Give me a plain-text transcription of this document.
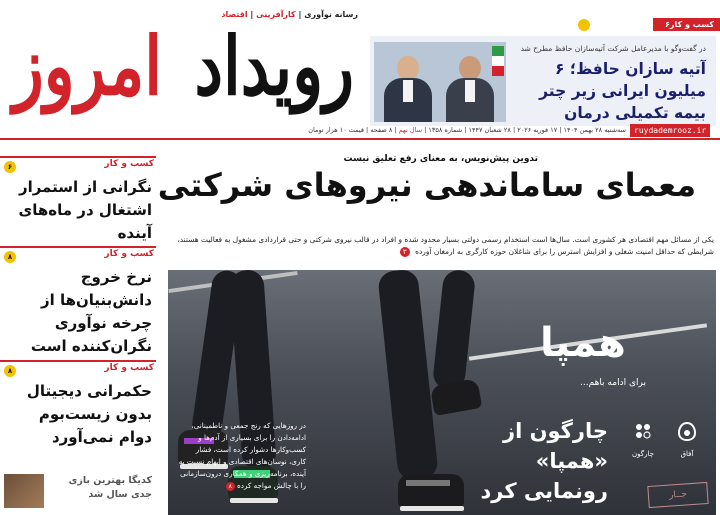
رسانه نوآوری | کارآفرینی | اقتصاد
رویداد
امروز	کسب و کار۶
در گفت‌وگو با مدیرعامل شرکت آتیه‌سازان حافظ مطرح شد
آتیه سازان حافظ؛ ۶ میلیون ایرانی زیر چتر بیمه تکمیلی درمان
ruydademrooz.ir
سه‌شنبه ۲۸ بهمن ۱۴۰۴ | ۱۷ فوریه ۲۰۲۶ | ۲۸ شعبان ۱۴۴۷ | شماره ۱۳۵۸ | سال نهم | ۸ صفحه | قیمت ۱۰ هزار تومان
کسب و کار
۶
نگرانی از استمرار اشتغال در ماه‌های آینده
کسب و کار
۸
نرخ خروج دانش‌بنیان‌ها از چرخه نوآوری نگران‌کننده است
کسب و کار
۸
حکمرانی دیجیتال بدون زیست‌بوم دوام نمی‌آورد
کدیگا بهترین بازی جدی سال شد
تدوین پیش‌نویس، به معنای رفع تعلیق نیست
معمای ساماندهی نیروهای شرکتی
یکی از مسائل مهم اقتصادی هر کشوری است. سال‌ها است استخدام رسمی دولتی بسیار محدود شده و افراد در قالب نیروی شرکتی و حتی قراردادی مشغول به فعالیت هستند، شرایطی که حداقل امنیت شغلی و افزایش استرس را برای شاغلان حوزه کارگری به ارمغان آورده ۳
همپا
برای ادامه باهم...
چارگون از «همپا» رونمایی کرد
در روزهایی که رنج جمعی و ناطمینانی، ادامه‌دادن را برای بسیاری از آدم‌ها و کسب‌وکارها دشوار کرده است، فشار کاری، نوسان‌های اقتصادی و ابهام نسبت به آینده، برنامه‌ریزی و همکاری درون‌سازمانی را با چالش مواجه کرده ۸
چارگون	آفاق
جــار
